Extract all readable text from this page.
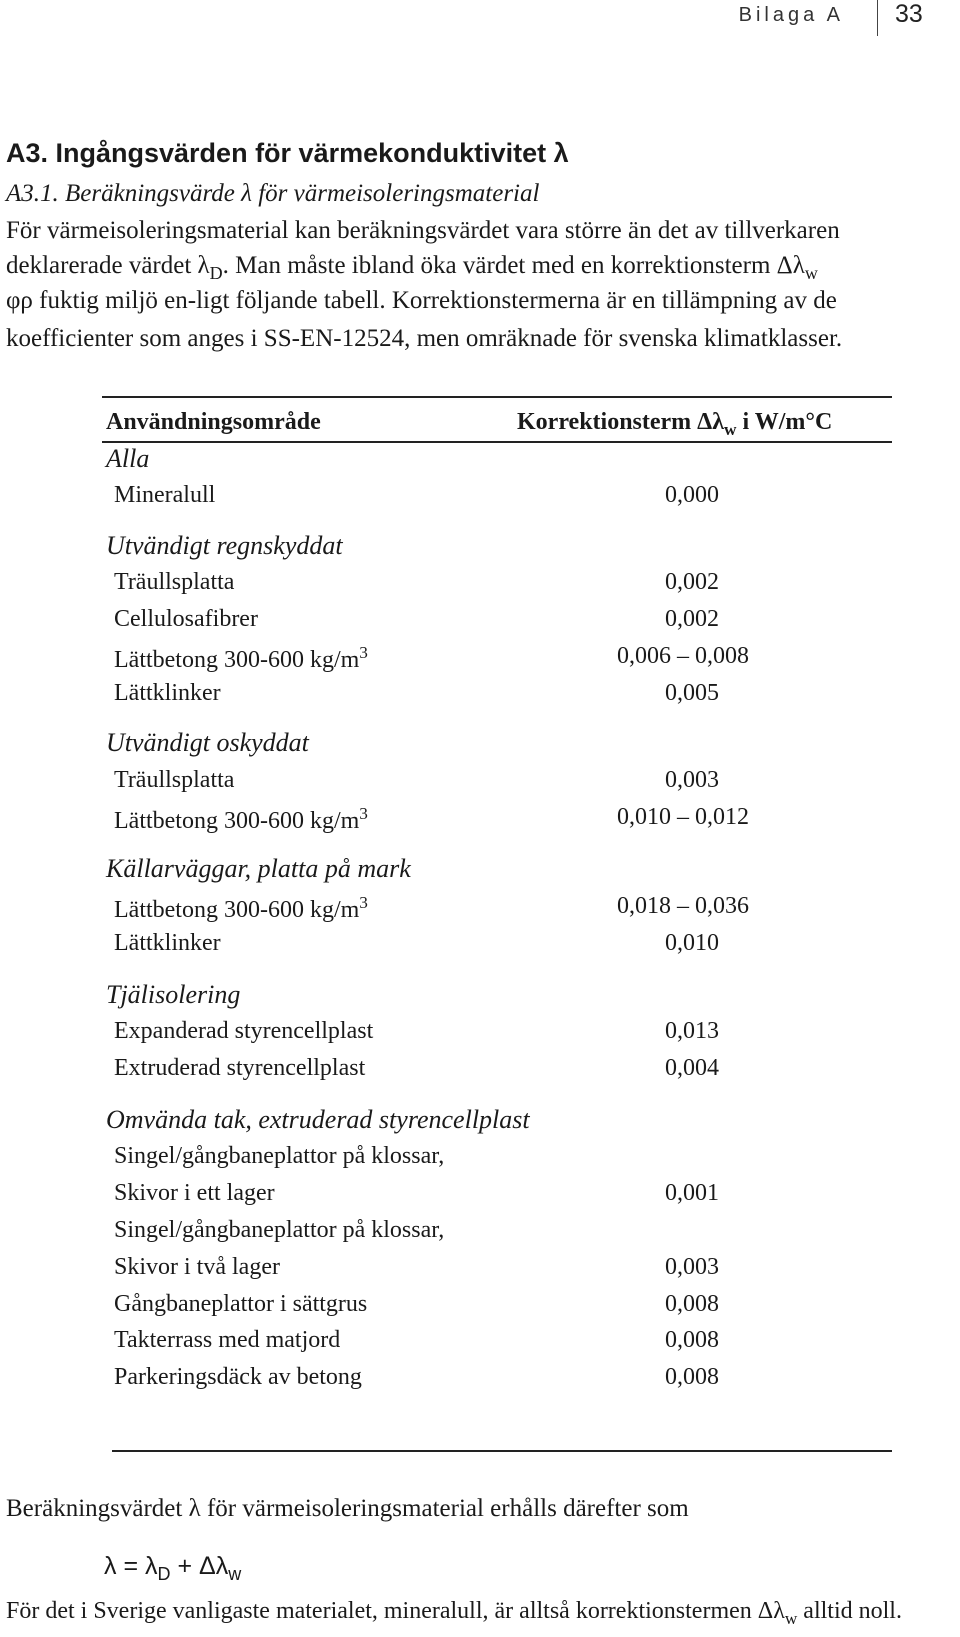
Bilaga A 33
A3. Ingångsvärden för värmekonduktivitet λ
A3.1. Beräkningsvärde λ för värmeisoleringsmaterial
För värmeisoleringsmaterial kan beräkningsvärdet vara större än det av tillverkaren
deklarerade värdet $\lambda_D$. Man måste ibland öka värdet med en korrektionsterm $\Delta\lambda_w$
φρ fuktig miljö en-ligt följande tabell. Korrektionstermerna är en tillämpning av de
koefficienter som anges i SS-EN-12524, men omräknade för svenska klimatklasser.
Användningsområde	Korrektionsterm $\Delta\lambda_w$ i W/m°C
Alla
Mineralull	0,000
Utvändigt regnskyddat
Träullsplatta	0,002
Cellulosafibrer	0,002
Lättbetong 300-600 $kg/m^3$	0,006 – 0,008
Lättklinker	0,005
Utvändigt oskyddat
Träullsplatta	0,003
Lättbetong 300-600 $kg/m^3$	0,010 – 0,012
Källarväggar, platta på mark
Lättbetong 300-600 $kg/m^3$	0,018 – 0,036
Lättklinker	0,010
Tjälisolering
Expanderad styrencellplast	0,013
Extruderad styrencellplast	0,004
Omvända tak, extruderad styrencellplast
Singel/gångbaneplattor på klossar,
Skivor i ett lager	0,001
Singel/gångbaneplattor på klossar,
Skivor i två lager	0,003
Gångbaneplattor i sättgrus	0,008
Takterrass med matjord	0,008
Parkeringsdäck av betong	0,008
Beräkningsvärdet λ för värmeisoleringsmaterial erhålls därefter som
$\lambda = \lambda_D + \Delta\lambda_w$
För det i Sverige vanligaste materialet, mineralull, är alltså korrektionstermen $\Delta\lambda_w$ alltid noll.
